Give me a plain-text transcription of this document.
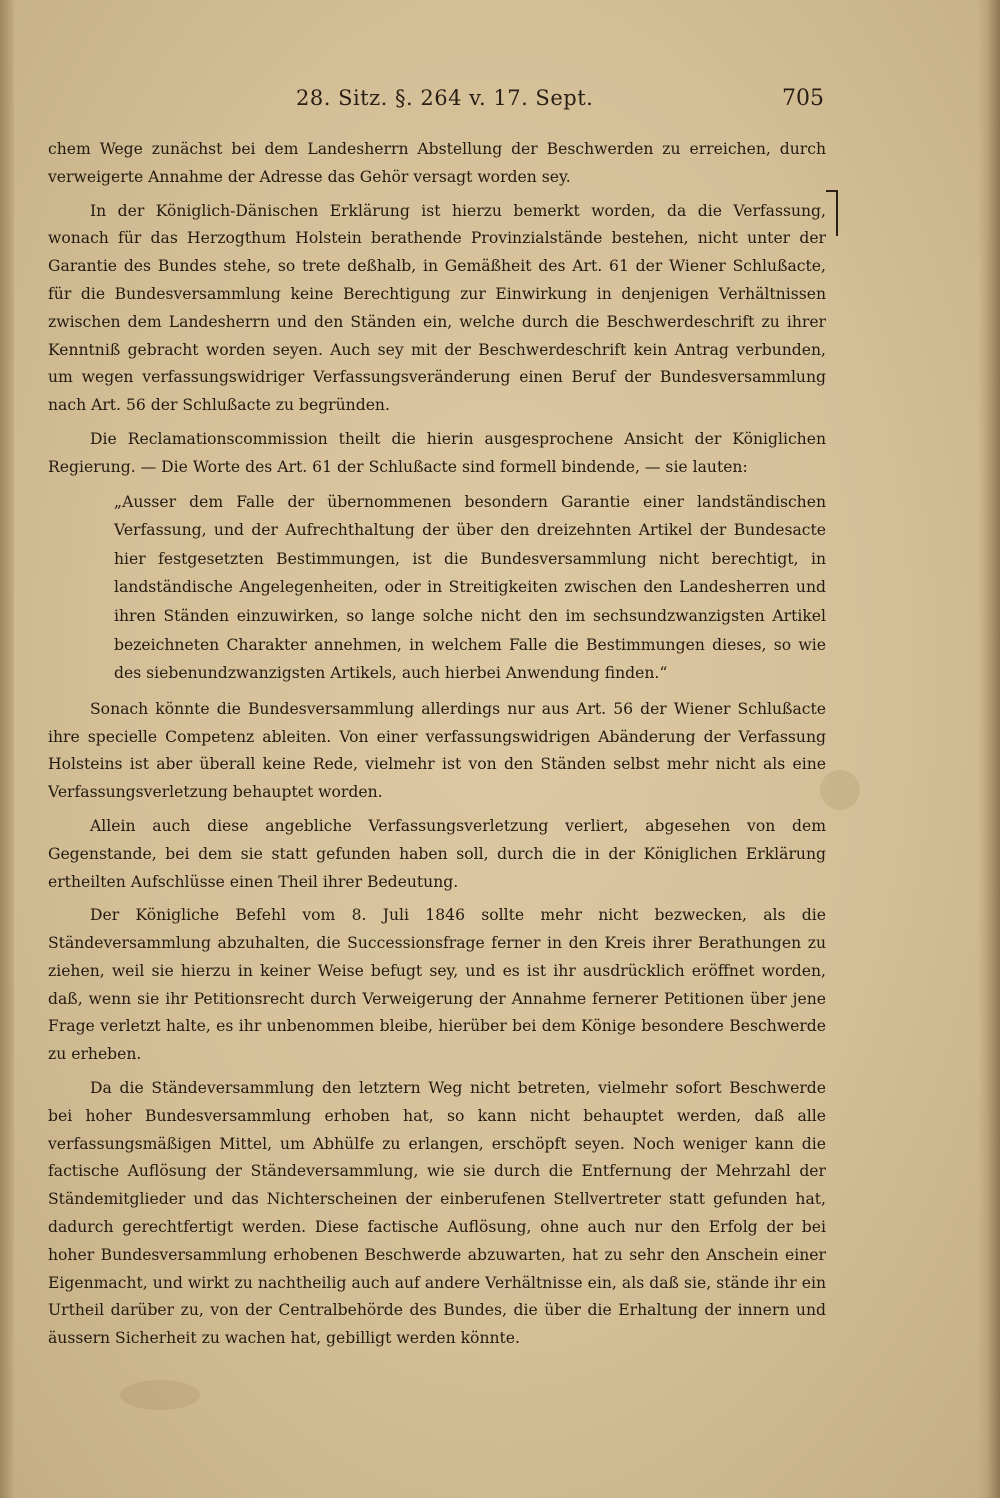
28. Sitz. §. 264 v. 17. Sept.	705

chem Wege zunächst bei dem Landesherrn Abstellung der Beschwerden zu erreichen, durch verweigerte Annahme der Adresse das Gehör versagt worden sey.

In der Königlich-Dänischen Erklärung ist hierzu bemerkt worden, da die Verfassung, wonach für das Herzogthum Holstein berathende Provinzialstände bestehen, nicht unter der Garantie des Bundes stehe, so trete deßhalb, in Gemäßheit des Art. 61 der Wiener Schlußacte, für die Bundesversammlung keine Berechtigung zur Einwirkung in denjenigen Verhältnissen zwischen dem Landesherrn und den Ständen ein, welche durch die Beschwerdeschrift zu ihrer Kenntniß gebracht worden seyen. Auch sey mit der Beschwerdeschrift kein Antrag verbunden, um wegen verfassungswidriger Verfassungsveränderung einen Beruf der Bundesversammlung nach Art. 56 der Schlußacte zu begründen.

Die Reclamationscommission theilt die hierin ausgesprochene Ansicht der Königlichen Regierung. — Die Worte des Art. 61 der Schlußacte sind formell bindende, — sie lauten:

„Ausser dem Falle der übernommenen besondern Garantie einer landständischen Verfassung, und der Aufrechthaltung der über den dreizehnten Artikel der Bundesacte hier festgesetzten Bestimmungen, ist die Bundesversammlung nicht berechtigt, in landständische Angelegenheiten, oder in Streitigkeiten zwischen den Landesherren und ihren Ständen einzuwirken, so lange solche nicht den im sechsundzwanzigsten Artikel bezeichneten Charakter annehmen, in welchem Falle die Bestimmungen dieses, so wie des siebenundzwanzigsten Artikels, auch hierbei Anwendung finden.“

Sonach könnte die Bundesversammlung allerdings nur aus Art. 56 der Wiener Schlußacte ihre specielle Competenz ableiten. Von einer verfassungswidrigen Abänderung der Verfassung Holsteins ist aber überall keine Rede, vielmehr ist von den Ständen selbst mehr nicht als eine Verfassungsverletzung behauptet worden.

Allein auch diese angebliche Verfassungsverletzung verliert, abgesehen von dem Gegenstande, bei dem sie statt gefunden haben soll, durch die in der Königlichen Erklärung ertheilten Aufschlüsse einen Theil ihrer Bedeutung.

Der Königliche Befehl vom 8. Juli 1846 sollte mehr nicht bezwecken, als die Ständeversammlung abzuhalten, die Successionsfrage ferner in den Kreis ihrer Berathungen zu ziehen, weil sie hierzu in keiner Weise befugt sey, und es ist ihr ausdrücklich eröffnet worden, daß, wenn sie ihr Petitionsrecht durch Verweigerung der Annahme fernerer Petitionen über jene Frage verletzt halte, es ihr unbenommen bleibe, hierüber bei dem Könige besondere Beschwerde zu erheben.

Da die Ständeversammlung den letztern Weg nicht betreten, vielmehr sofort Beschwerde bei hoher Bundesversammlung erhoben hat, so kann nicht behauptet werden, daß alle verfassungsmäßigen Mittel, um Abhülfe zu erlangen, erschöpft seyen. Noch weniger kann die factische Auflösung der Ständeversammlung, wie sie durch die Entfernung der Mehrzahl der Ständemitglieder und das Nichterscheinen der einberufenen Stellvertreter statt gefunden hat, dadurch gerechtfertigt werden. Diese factische Auflösung, ohne auch nur den Erfolg der bei hoher Bundesversammlung erhobenen Beschwerde abzuwarten, hat zu sehr den Anschein einer Eigenmacht, und wirkt zu nachtheilig auch auf andere Verhältnisse ein, als daß sie, stände ihr ein Urtheil darüber zu, von der Centralbehörde des Bundes, die über die Erhaltung der innern und äussern Sicherheit zu wachen hat, gebilligt werden könnte.
